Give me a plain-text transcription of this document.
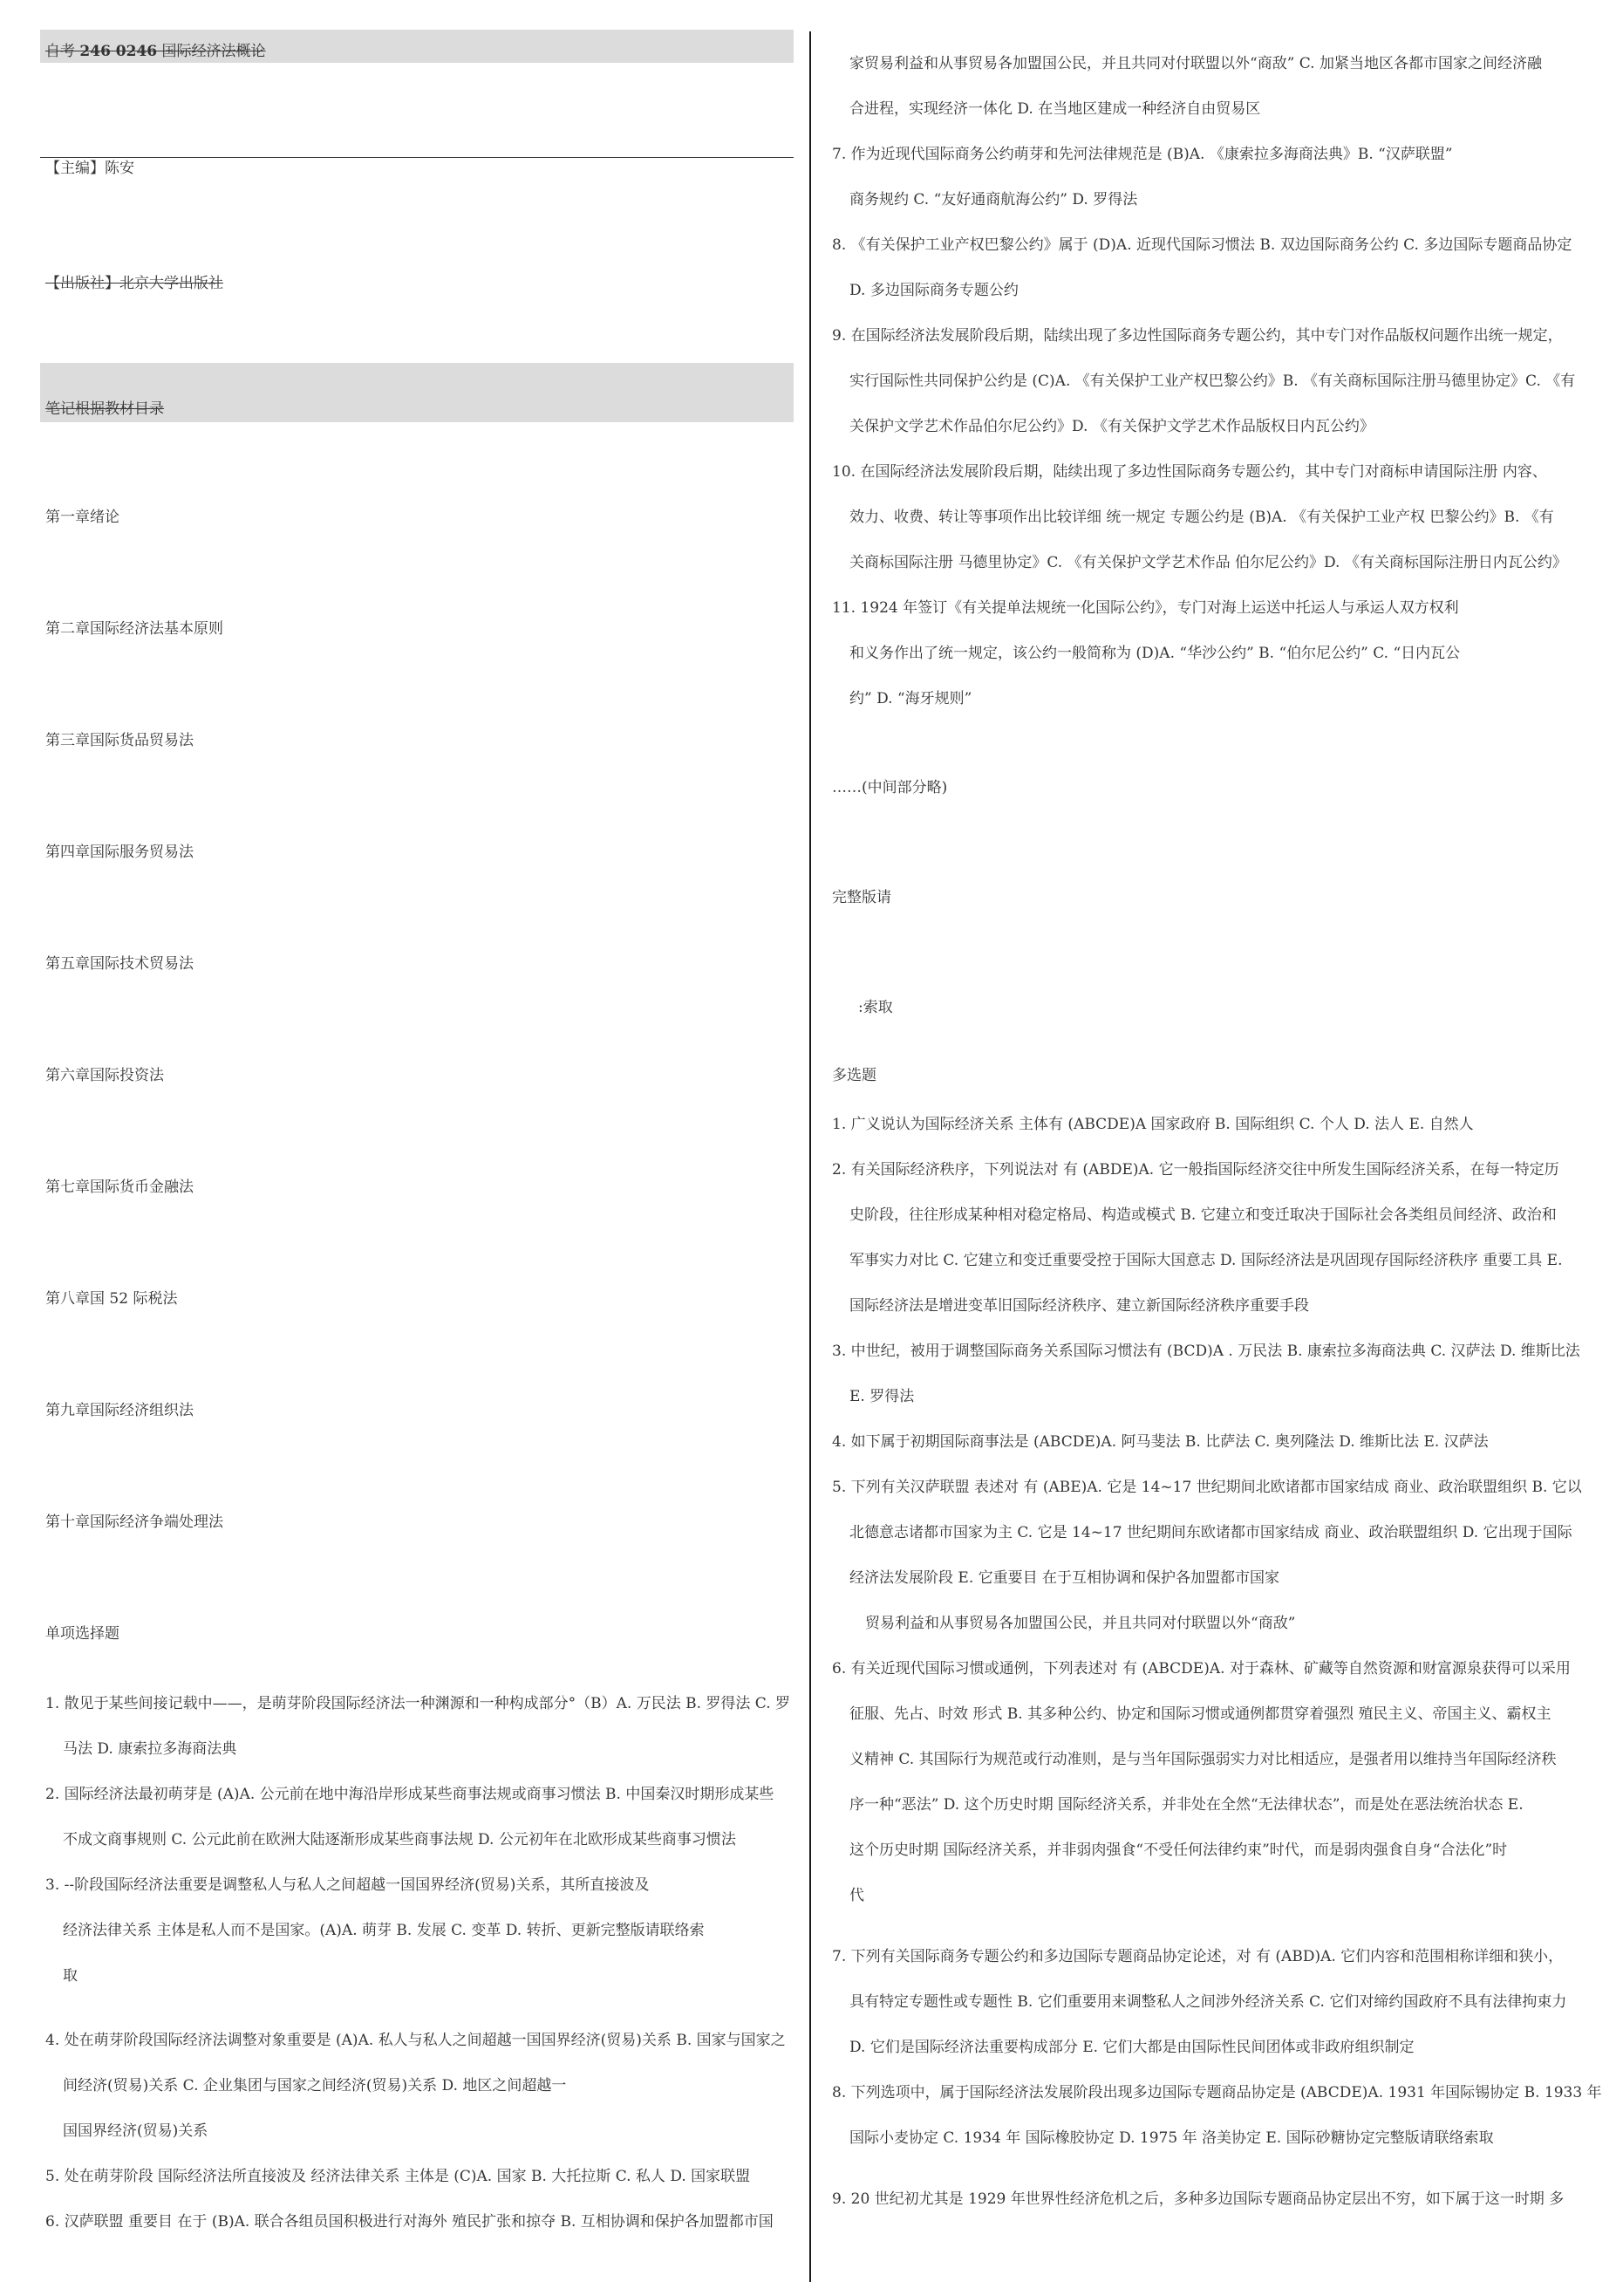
自考 246 0246 国际经济法概论
【主编】陈安
【出版社】北京大学出版社
笔记根据教材目录
第一章绪论
第二章国际经济法基本原则
第三章国际货品贸易法
第四章国际服务贸易法
第五章国际技术贸易法
第六章国际投资法
第七章国际货币金融法
第八章国 52 际税法
第九章国际经济组织法
第十章国际经济争端处理法
单项选择题
1. 散见于某些间接记载中——，是萌芽阶段国际经济法一种渊源和一种构成部分°（B）A. 万民法 B. 罗得法 C. 罗
马法 D. 康索拉多海商法典
2. 国际经济法最初萌芽是 (A)A. 公元前在地中海沿岸形成某些商事法规或商事习惯法 B. 中国秦汉时期形成某些
不成文商事规则 C. 公元此前在欧洲大陆逐渐形成某些商事法规 D. 公元初年在北欧形成某些商事习惯法
3. --阶段国际经济法重要是调整私人与私人之间超越一国国界经济(贸易)关系，其所直接波及
经济法律关系 主体是私人而不是国家。(A)A. 萌芽 B. 发展 C. 变革 D. 转折、更新完整版请联络索
取
4. 处在萌芽阶段国际经济法调整对象重要是 (A)A. 私人与私人之间超越一国国界经济(贸易)关系 B. 国家与国家之
间经济(贸易)关系 C. 企业集团与国家之间经济(贸易)关系 D. 地区之间超越一
国国界经济(贸易)关系
5. 处在萌芽阶段 国际经济法所直接波及 经济法律关系 主体是 (C)A. 国家 B. 大托拉斯 C. 私人 D. 国家联盟
6. 汉萨联盟 重要目 在于 (B)A. 联合各组员国积极进行对海外 殖民扩张和掠夺 B. 互相协调和保护各加盟都市国
家贸易利益和从事贸易各加盟国公民，并且共同对付联盟以外“商敌” C. 加紧当地区各都市国家之间经济融
合进程，实现经济一体化 D. 在当地区建成一种经济自由贸易区
7. 作为近现代国际商务公约萌芽和先河法律规范是 (B)A. 《康索拉多海商法典》B. “汉萨联盟”
商务规约 C. “友好通商航海公约” D. 罗得法
8. 《有关保护工业产权巴黎公约》属于 (D)A. 近现代国际习惯法 B. 双边国际商务公约 C. 多边国际专题商品协定
D. 多边国际商务专题公约
9. 在国际经济法发展阶段后期，陆续出现了多边性国际商务专题公约，其中专门对作品版权问题作出统一规定，
实行国际性共同保护公约是 (C)A. 《有关保护工业产权巴黎公约》B. 《有关商标国际注册马德里协定》C. 《有
关保护文学艺术作品伯尔尼公约》D. 《有关保护文学艺术作品版权日内瓦公约》
10. 在国际经济法发展阶段后期，陆续出现了多边性国际商务专题公约，其中专门对商标申请国际注册 内容、
效力、收费、转让等事项作出比较详细 统一规定 专题公约是 (B)A. 《有关保护工业产权 巴黎公约》B. 《有
关商标国际注册 马德里协定》C. 《有关保护文学艺术作品 伯尔尼公约》D. 《有关商标国际注册日内瓦公约》
11. 1924 年签订《有关提单法规统一化国际公约》，专门对海上运送中托运人与承运人双方权利
和义务作出了统一规定，该公约一般简称为 (D)A. “华沙公约” B. “伯尔尼公约” C. “日内瓦公
约” D. “海牙规则”
……(中间部分略)
完整版请
:索取
多选题
1. 广义说认为国际经济关系 主体有 (ABCDE)A 国家政府 B. 国际组织 C. 个人 D. 法人 E. 自然人
2. 有关国际经济秩序，下列说法对 有 (ABDE)A. 它一般指国际经济交往中所发生国际经济关系，在每一特定历
史阶段，往往形成某种相对稳定格局、构造或模式 B. 它建立和变迁取决于国际社会各类组员间经济、政治和
军事实力对比 C. 它建立和变迁重要受控于国际大国意志 D. 国际经济法是巩固现存国际经济秩序 重要工具 E.
国际经济法是增进变革旧国际经济秩序、建立新国际经济秩序重要手段
3. 中世纪，被用于调整国际商务关系国际习惯法有 (BCD)A . 万民法 B. 康索拉多海商法典 C. 汉萨法 D. 维斯比法
E. 罗得法
4. 如下属于初期国际商事法是 (ABCDE)A. 阿马斐法 B. 比萨法 C. 奥列隆法 D. 维斯比法 E. 汉萨法
5. 下列有关汉萨联盟 表述对 有 (ABE)A. 它是 14~17 世纪期间北欧诸都市国家结成 商业、政治联盟组织 B. 它以
北德意志诸都市国家为主 C. 它是 14~17 世纪期间东欧诸都市国家结成 商业、政治联盟组织 D. 它出现于国际
经济法发展阶段 E. 它重要目 在于互相协调和保护各加盟都市国家
贸易利益和从事贸易各加盟国公民，并且共同对付联盟以外“商敌”
6. 有关近现代国际习惯或通例，下列表述对 有 (ABCDE)A. 对于森林、矿藏等自然资源和财富源泉获得可以采用
征服、先占、时效 形式 B. 其多种公约、协定和国际习惯或通例都贯穿着强烈 殖民主义、帝国主义、霸权主
义精神 C. 其国际行为规范或行动准则，是与当年国际强弱实力对比相适应，是强者用以维持当年国际经济秩
序一种“恶法” D. 这个历史时期 国际经济关系，并非处在全然“无法律状态”，而是处在恶法统治状态 E.
这个历史时期 国际经济关系，并非弱肉强食“不受任何法律约束”时代，而是弱肉强食自身“合法化”时
代
7. 下列有关国际商务专题公约和多边国际专题商品协定论述，对 有 (ABD)A. 它们内容和范围相称详细和狭小，
具有特定专题性或专题性 B. 它们重要用来调整私人之间涉外经济关系 C. 它们对缔约国政府不具有法律拘束力
D. 它们是国际经济法重要构成部分 E. 它们大都是由国际性民间团体或非政府组织制定
8. 下列选项中，属于国际经济法发展阶段出现多边国际专题商品协定是 (ABCDE)A. 1931 年国际锡协定 B. 1933 年
国际小麦协定 C. 1934 年 国际橡胶协定 D. 1975 年 洛美协定 E. 国际砂糖协定完整版请联络索取
9. 20 世纪初尤其是 1929 年世界性经济危机之后，多种多边国际专题商品协定层出不穷，如下属于这一时期 多
